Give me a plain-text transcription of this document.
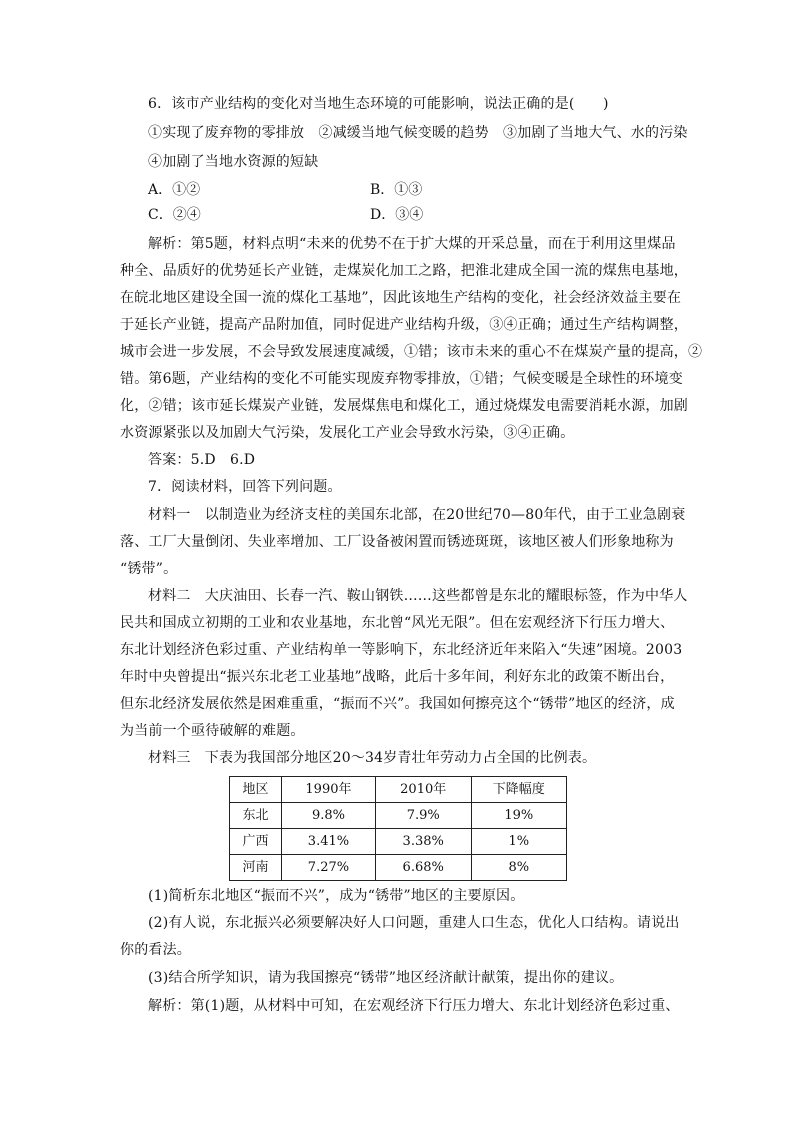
6．该市产业结构的变化对当地生态环境的可能影响，说法正确的是(　　)
①实现了废弃物的零排放　②减缓当地气候变暖的趋势　③加剧了当地大气、水的污染
④加剧了当地水资源的短缺
A．①②	B．①③
C．②④	D．③④
解析：第5题，材料点明“未来的优势不在于扩大煤的开采总量，而在于利用这里煤品
种全、品质好的优势延长产业链，走煤炭化加工之路，把淮北建成全国一流的煤焦电基地，
在皖北地区建设全国一流的煤化工基地”，因此该地生产结构的变化，社会经济效益主要在
于延长产业链，提高产品附加值，同时促进产业结构升级，③④正确；通过生产结构调整，
城市会进一步发展，不会导致发展速度减缓，①错；该市未来的重心不在煤炭产量的提高，②
错。第6题，产业结构的变化不可能实现废弃物零排放，①错；气候变暖是全球性的环境变
化，②错；该市延长煤炭产业链，发展煤焦电和煤化工，通过烧煤发电需要消耗水源，加剧
水资源紧张以及加剧大气污染，发展化工产业会导致水污染，③④正确。
答案：5.D　6.D
7．阅读材料，回答下列问题。
材料一　以制造业为经济支柱的美国东北部，在20世纪70—80年代，由于工业急剧衰
落、工厂大量倒闭、失业率增加、工厂设备被闲置而锈迹斑斑，该地区被人们形象地称为
“锈带”。
材料二　大庆油田、长春一汽、鞍山钢铁……这些都曾是东北的耀眼标签，作为中华人
民共和国成立初期的工业和农业基地，东北曾“风光无限”。但在宏观经济下行压力增大、
东北计划经济色彩过重、产业结构单一等影响下，东北经济近年来陷入“失速”困境。2003
年时中央曾提出“振兴东北老工业基地”战略，此后十多年间，利好东北的政策不断出台，
但东北经济发展依然是困难重重，“振而不兴”。我国如何擦亮这个“锈带”地区的经济，成
为当前一个亟待破解的难题。
材料三　下表为我国部分地区20～34岁青壮年劳动力占全国的比例表。
地区	1990年	2010年	下降幅度
东北	9.8%	7.9%	19%
广西	3.41%	3.38%	1%
河南	7.27%	6.68%	8%
(1)简析东北地区“振而不兴”，成为“锈带”地区的主要原因。
(2)有人说，东北振兴必须要解决好人口问题，重建人口生态，优化人口结构。请说出
你的看法。
(3)结合所学知识，请为我国擦亮“锈带”地区经济献计献策，提出你的建议。
解析：第(1)题，从材料中可知，在宏观经济下行压力增大、东北计划经济色彩过重、
